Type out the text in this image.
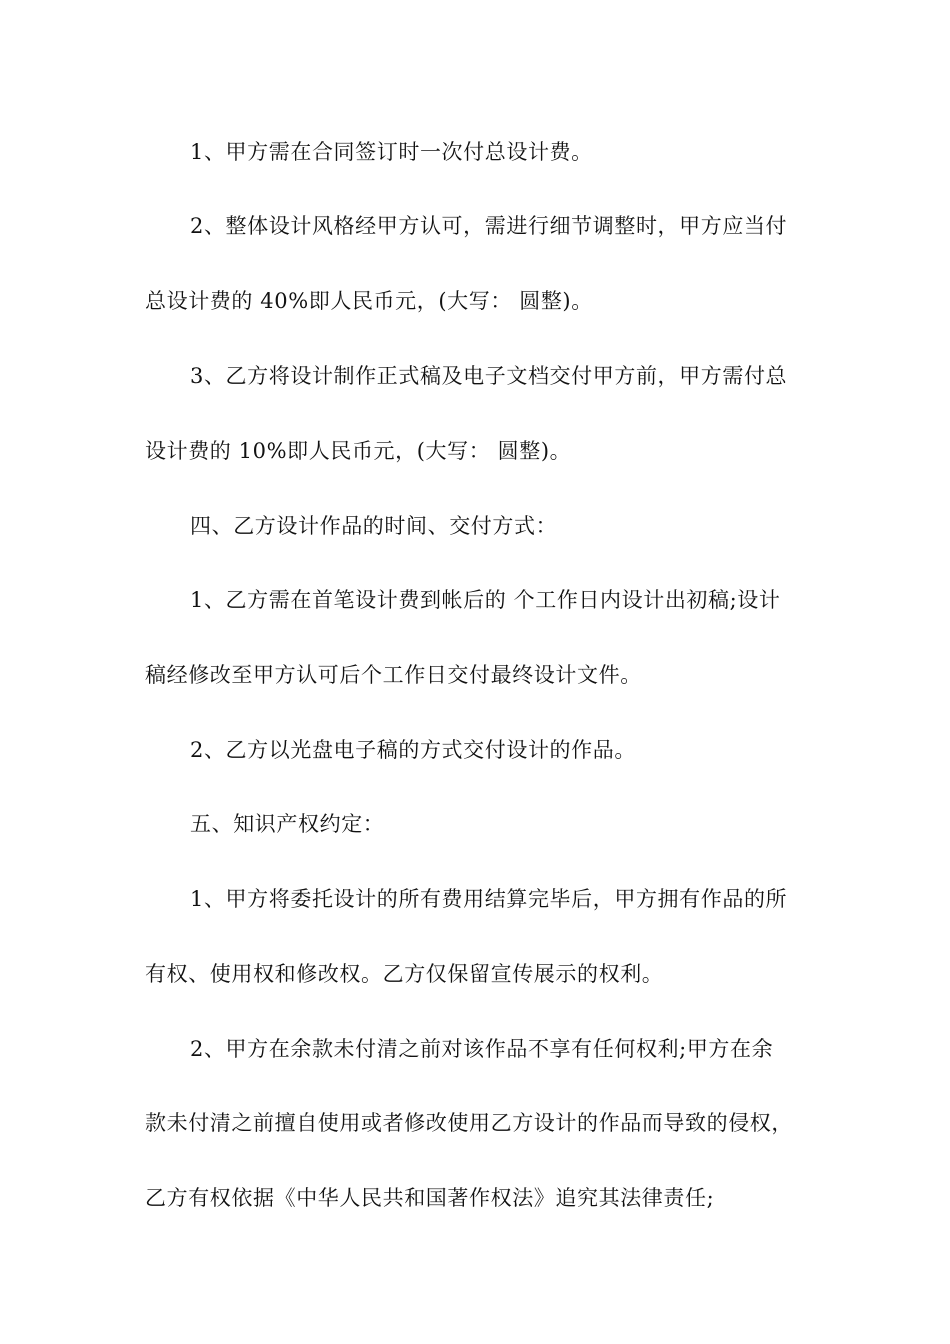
1、甲方需在合同签订时一次付总设计费。

2、整体设计风格经甲方认可，需进行细节调整时，甲方应当付

总设计费的 40%即人民币元，(大写： 圆整)。

3、乙方将设计制作正式稿及电子文档交付甲方前，甲方需付总

设计费的 10%即人民币元，(大写： 圆整)。

四、乙方设计作品的时间、交付方式：

1、乙方需在首笔设计费到帐后的 个工作日内设计出初稿;设计

稿经修改至甲方认可后个工作日交付最终设计文件。

2、乙方以光盘电子稿的方式交付设计的作品。

五、知识产权约定：

1、甲方将委托设计的所有费用结算完毕后，甲方拥有作品的所

有权、使用权和修改权。乙方仅保留宣传展示的权利。

2、甲方在余款未付清之前对该作品不享有任何权利;甲方在余

款未付清之前擅自使用或者修改使用乙方设计的作品而导致的侵权，

乙方有权依据《中华人民共和国著作权法》追究其法律责任;
